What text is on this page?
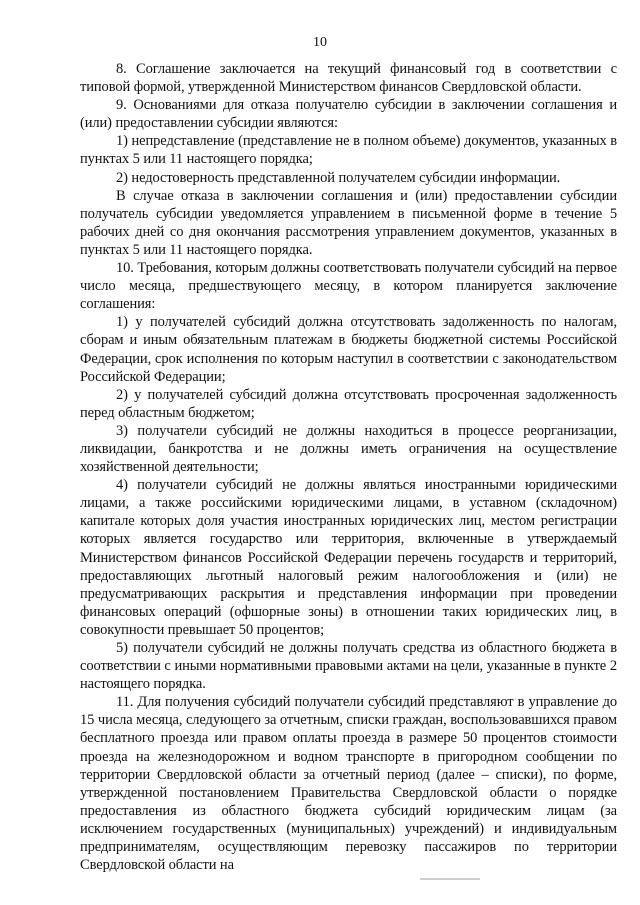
10

8. Соглашение заключается на текущий финансовый год в соответствии с типовой формой, утвержденной Министерством финансов Свердловской области.

9. Основаниями для отказа получателю субсидии в заключении соглашения и (или) предоставлении субсидии являются:

1) непредставление (представление не в полном объеме) документов, указанных в пунктах 5 или 11 настоящего порядка;

2) недостоверность представленной получателем субсидии информации.

В случае отказа в заключении соглашения и (или) предоставлении субсидии получатель субсидии уведомляется управлением в письменной форме в течение 5 рабочих дней со дня окончания рассмотрения управлением документов, указанных в пунктах 5 или 11 настоящего порядка.

10. Требования, которым должны соответствовать получатели субсидий на первое число месяца, предшествующего месяцу, в котором планируется заключение соглашения:

1) у получателей субсидий должна отсутствовать задолженность по налогам, сборам и иным обязательным платежам в бюджеты бюджетной системы Российской Федерации, срок исполнения по которым наступил в соответствии с законодательством Российской Федерации;

2) у получателей субсидий должна отсутствовать просроченная задолженность перед областным бюджетом;

3) получатели субсидий не должны находиться в процессе реорганизации, ликвидации, банкротства и не должны иметь ограничения на осуществление хозяйственной деятельности;

4) получатели субсидий не должны являться иностранными юридическими лицами, а также российскими юридическими лицами, в уставном (складочном) капитале которых доля участия иностранных юридических лиц, местом регистрации которых является государство или территория, включенные в утверждаемый Министерством финансов Российской Федерации перечень государств и территорий, предоставляющих льготный налоговый режим налогообложения и (или) не предусматривающих раскрытия и представления информации при проведении финансовых операций (офшорные зоны) в отношении таких юридических лиц, в совокупности превышает 50 процентов;

5) получатели субсидий не должны получать средства из областного бюджета в соответствии с иными нормативными правовыми актами на цели, указанные в пункте 2 настоящего порядка.

11. Для получения субсидий получатели субсидий представляют в управление до 15 числа месяца, следующего за отчетным, списки граждан, воспользовавшихся правом бесплатного проезда или правом оплаты проезда в размере 50 процентов стоимости проезда на железнодорожном и водном транспорте в пригородном сообщении по территории Свердловской области за отчетный период (далее – списки), по форме, утвержденной постановлением Правительства Свердловской области о порядке предоставления из областного бюджета субсидий юридическим лицам (за исключением государственных (муниципальных) учреждений) и индивидуальным предпринимателям, осуществляющим перевозку пассажиров по территории Свердловской области на
